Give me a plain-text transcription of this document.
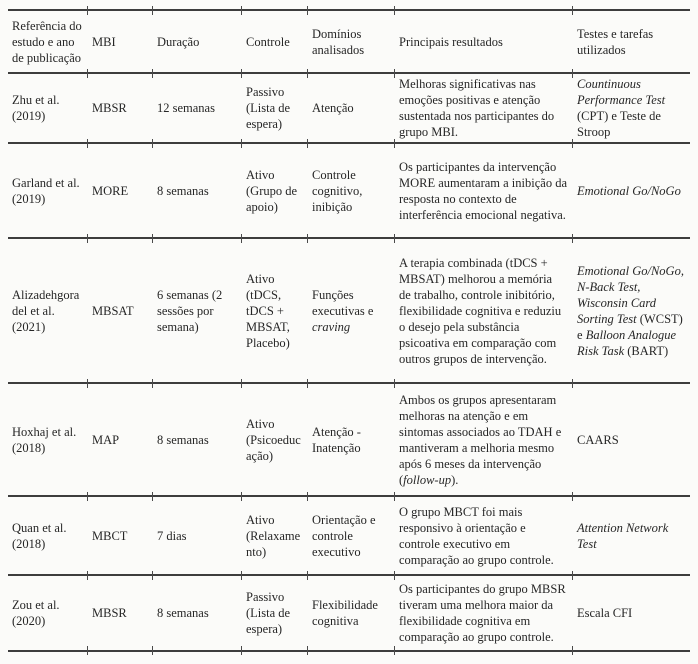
Referência do estudo e ano de publicação	MBI	Duração	Controle	Domínios analisados	Principais resultados	Testes e tarefas utilizados
Zhu et al. (2019)	MBSR	12 semanas	Passivo (Lista de espera)	Atenção	Melhoras significativas nas emoções positivas e atenção sustentada nos participantes do grupo MBI.	Countinuous Performance Test (CPT) e Teste de Stroop
Garland et al. (2019)	MORE	8 semanas	Ativo (Grupo de apoio)	Controle cognitivo, inibição	Os participantes da intervenção MORE aumentaram a inibição da resposta no contexto de interferência emocional negativa.	Emotional Go/NoGo
Alizadehgoradel et al. (2021)	MBSAT	6 semanas (2 sessões por semana)	Ativo (tDCS, tDCS + MBSAT, Placebo)	Funções executivas e craving	A terapia combinada (tDCS + MBSAT) melhorou a memória de trabalho, controle inibitório, flexibilidade cognitiva e reduziu o desejo pela substância psicoativa em comparação com outros grupos de intervenção.	Emotional Go/NoGo, N-Back Test, Wisconsin Card Sorting Test (WCST) e Balloon Analogue Risk Task (BART)
Hoxhaj et al. (2018)	MAP	8 semanas	Ativo (Psicoeducação)	Atenção - Inatenção	Ambos os grupos apresentaram melhoras na atenção e em sintomas associados ao TDAH e mantiveram a melhoria mesmo após 6 meses da intervenção (follow-up).	CAARS
Quan et al. (2018)	MBCT	7 dias	Ativo (Relaxamento)	Orientação e controle executivo	O grupo MBCT foi mais responsivo à orientação e controle executivo em comparação ao grupo controle.	Attention Network Test
Zou et al. (2020)	MBSR	8 semanas	Passivo (Lista de espera)	Flexibilidade cognitiva	Os participantes do grupo MBSR tiveram uma melhora maior da flexibilidade cognitiva em comparação ao grupo controle.	Escala CFI
